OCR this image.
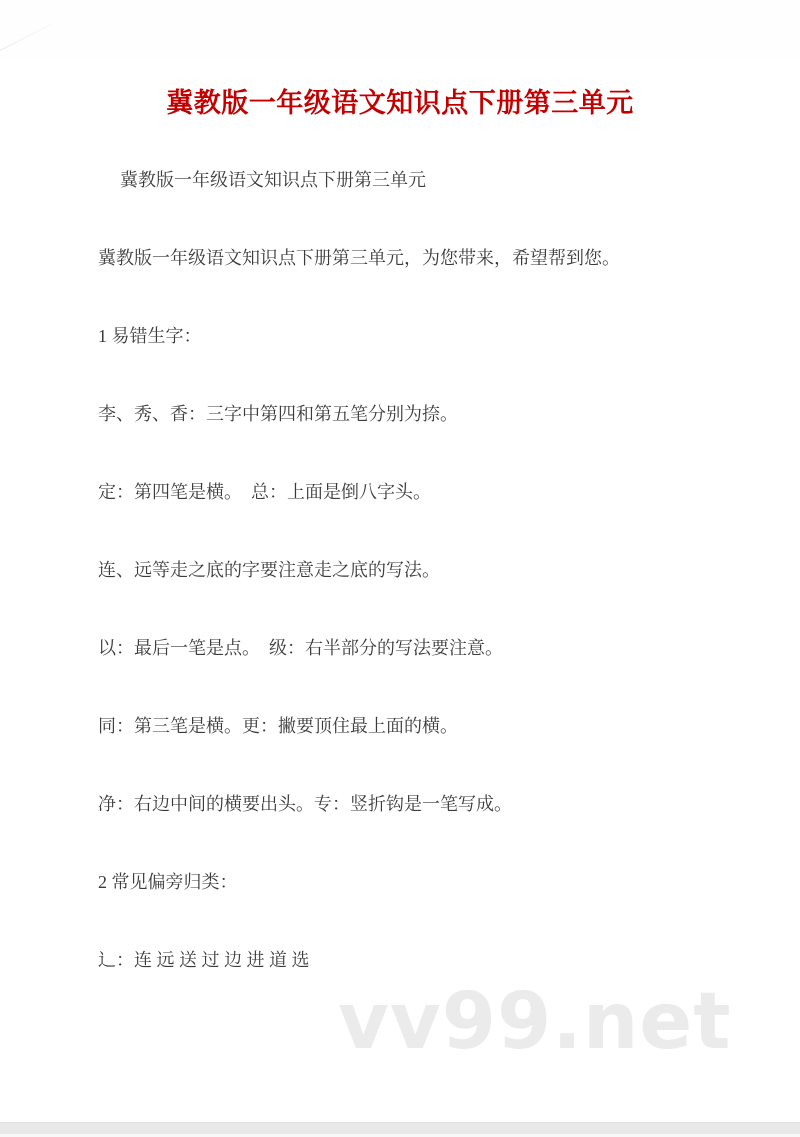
冀教版一年级语文知识点下册第三单元

冀教版一年级语文知识点下册第三单元

冀教版一年级语文知识点下册第三单元，为您带来，希望帮到您。

1 易错生字：

李、秀、香：三字中第四和第五笔分别为捺。

定：第四笔是横。　总：上面是倒八字头。

连、远等走之底的字要注意走之底的写法。

以：最后一笔是点。　级：右半部分的写法要注意。

同：第三笔是横。更：撇要顶住最上面的横。

净：右边中间的横要出头。专：竖折钩是一笔写成。

2 常见偏旁归类：

辶：连 远 送 过 边 进 道 选

vv99.net
